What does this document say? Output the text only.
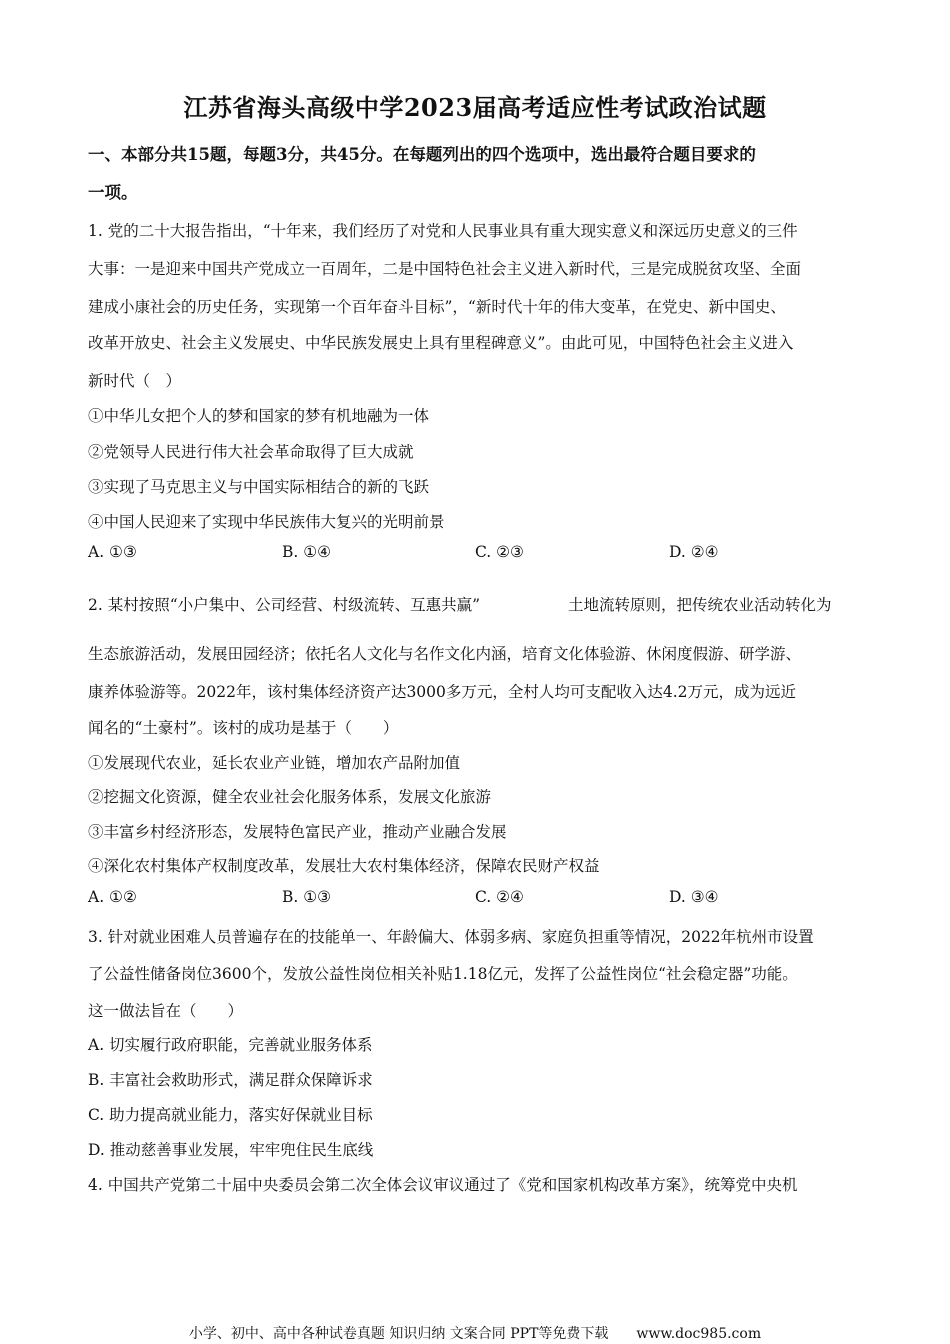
江苏省海头高级中学2023届高考适应性考试政治试题
一、本部分共15题，每题3分，共45分。在每题列出的四个选项中，选出最符合题目要求的
一项。
1. 党的二十大报告指出，“十年来，我们经历了对党和人民事业具有重大现实意义和深远历史意义的三件
大事：一是迎来中国共产党成立一百周年，二是中国特色社会主义进入新时代，三是完成脱贫攻坚、全面
建成小康社会的历史任务，实现第一个百年奋斗目标”，“新时代十年的伟大变革，在党史、新中国史、
改革开放史、社会主义发展史、中华民族发展史上具有里程碑意义”。由此可见，中国特色社会主义进入
新时代（　）
①中华儿女把个人的梦和国家的梦有机地融为一体
②党领导人民进行伟大社会革命取得了巨大成就
③实现了马克思主义与中国实际相结合的新的飞跃
④中国人民迎来了实现中华民族伟大复兴的光明前景
A. ①③	B. ①④	C. ②③	D. ②④
2. 某村按照“小户集中、公司经营、村级流转、互惠共赢”	土地流转原则，把传统农业活动转化为
生态旅游活动，发展田园经济；依托名人文化与名作文化内涵，培育文化体验游、休闲度假游、研学游、
康养体验游等。2022年，该村集体经济资产达3000多万元，全村人均可支配收入达4.2万元，成为远近
闻名的“土豪村”。该村的成功是基于（　　）
①发展现代农业，延长农业产业链，增加农产品附加值
②挖掘文化资源，健全农业社会化服务体系，发展文化旅游
③丰富乡村经济形态，发展特色富民产业，推动产业融合发展
④深化农村集体产权制度改革，发展壮大农村集体经济，保障农民财产权益
A. ①②	B. ①③	C. ②④	D. ③④
3. 针对就业困难人员普遍存在的技能单一、年龄偏大、体弱多病、家庭负担重等情况，2022年杭州市设置
了公益性储备岗位3600个，发放公益性岗位相关补贴1.18亿元，发挥了公益性岗位“社会稳定器”功能。
这一做法旨在（　　）
A. 切实履行政府职能，完善就业服务体系
B. 丰富社会救助形式，满足群众保障诉求
C. 助力提高就业能力，落实好保就业目标
D. 推动慈善事业发展，牢牢兜住民生底线
4. 中国共产党第二十届中央委员会第二次全体会议审议通过了《党和国家机构改革方案》，统筹党中央机
小学、初中、高中各种试卷真题 知识归纳 文案合同 PPT等免费下载　　www.doc985.com
